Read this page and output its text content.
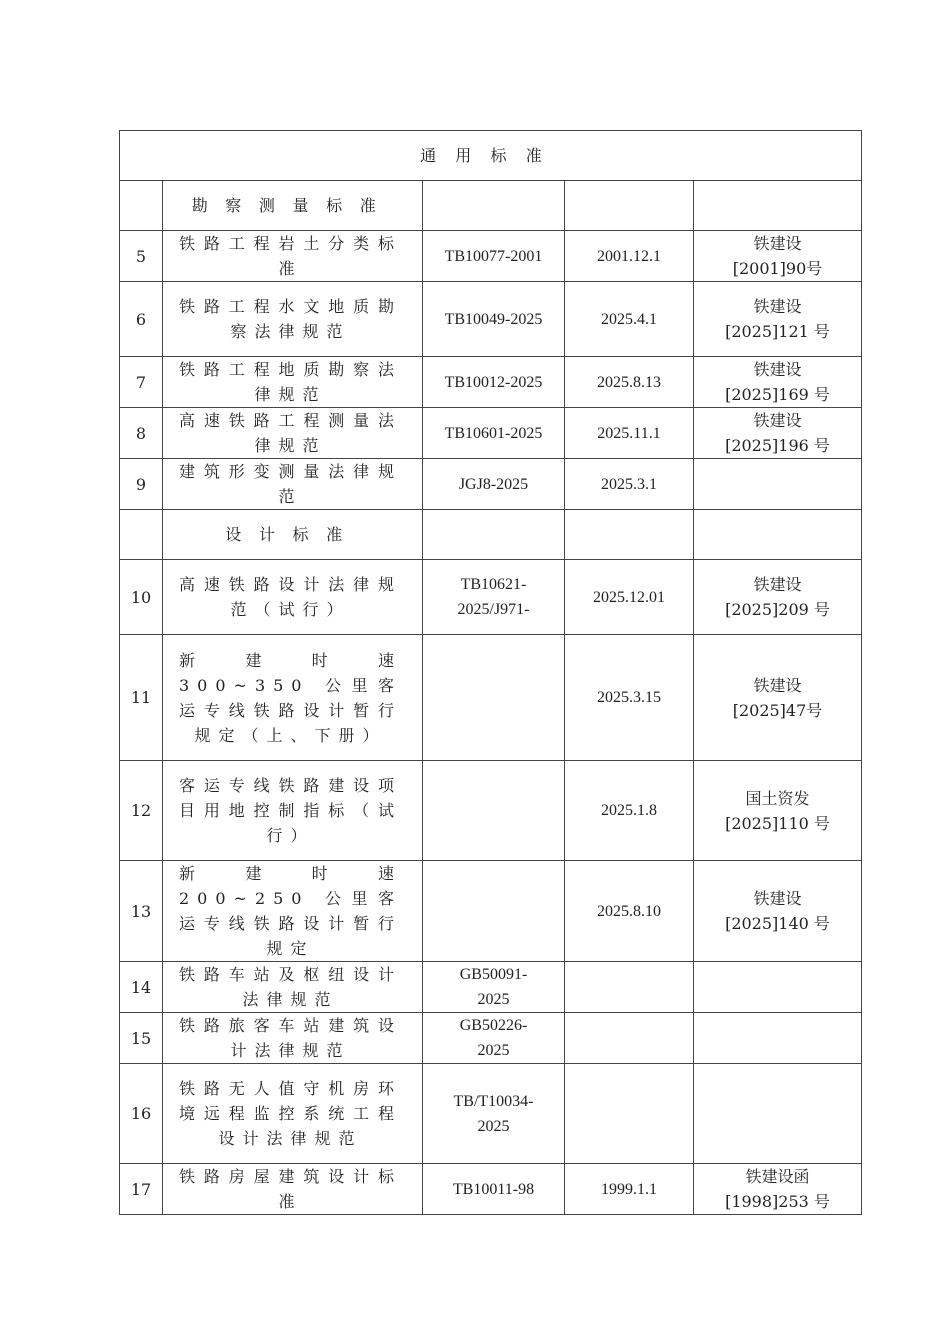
通用标准				
	勘察测量标准			
5	铁路工程岩土分类标准	TB10077-2001	2001.12.1	铁建设[2001]90号
6	铁路工程水文地质勘察法律规范	TB10049-2025	2025.4.1	铁建设[2025]121 号
7	铁路工程地质勘察法律规范	TB10012-2025	2025.8.13	铁建设[2025]169 号
8	高速铁路工程测量法律规范	TB10601-2025	2025.11.1	铁建设[2025]196 号
9	建筑形变测量法律规范	JGJ8-2025	2025.3.1	
	设计标准			
10	高速铁路设计法律规范（试行）	TB10621-2025/J971-	2025.12.01	铁建设[2025]209 号
11	新建时速 300~350 公里客运专线铁路设计暂行规定（上、下册）		2025.3.15	铁建设[2025]47号
12	客运专线铁路建设项目用地控制指标（试行）		2025.1.8	国土资发[2025]110 号
13	新建时速 200~250 公里客运专线铁路设计暂行规定		2025.8.10	铁建设[2025]140 号
14	铁路车站及枢纽设计法律规范	GB50091-2025		
15	铁路旅客车站建筑设计法律规范	GB50226-2025		
16	铁路无人值守机房环境远程监控系统工程设计法律规范	TB/T10034-2025		
17	铁路房屋建筑设计标准	TB10011-98	1999.1.1	铁建设函[1998]253 号
